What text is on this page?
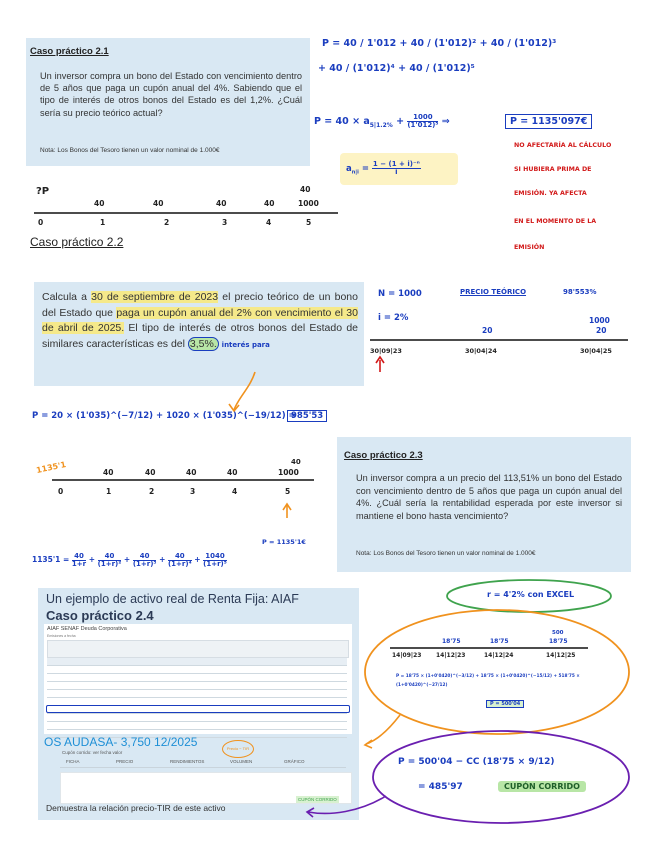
Caso práctico 2.1
Un inversor compra un bono del Estado con vencimiento dentro de 5 años que paga un cupón anual del 4%. Sabiendo que el tipo de interés de otros bonos del Estado es del 1,2%. ¿Cuál sería su precio teórico actual?
Nota: Los Bonos del Tesoro tienen un valor nominal de 1.000€
P = 40 / 1'012 + 40 / (1'012)² + 40 / (1'012)³
+ 40 / (1'012)⁴ + 40 / (1'012)⁵
$P = 40 \times a_{5|1.2\%} + \frac{1000}{\text{(1'012)⁵}}$ ⇒	P = 1135'097€
$a_{n|i} = \frac{\text{1 − (1 + i)⁻ⁿ}}{i}$
NO AFECTARÍA AL CÁLCULO
SI HUBIERA PRIMA DE
EMISIÓN. YA AFECTA
EN EL MOMENTO DE LA
EMISIÓN
?P	40
40	40	40	40	1000
0	1	2	3	4	5
Caso práctico 2.2
Calcula a 30 de septiembre de 2023 el precio teórico de un bono del Estado que paga un cupón anual del 2% con vencimiento el 30 de abril de 2025. El tipo de interés de otros bonos del Estado de similares características es del 3,5%. interés para
N = 1000	PRECIO TEÓRICO	98'553%
i = 2%
20
1000
20
30|09|23	30|04|24	30|04|25
P = 20 × (1'035)^(−7/12) + 1020 × (1'035)^(−19/12) =
985'53
Caso práctico 2.3
Un inversor compra a un precio del 113,51% un bono del Estado con vencimiento dentro de 5 años que paga un cupón anual del 4%. ¿Cuál sería la rentabilidad esperada por este inversor si mantiene el bono hasta vencimiento?
Nota: Los Bonos del Tesoro tienen un valor nominal de 1.000€
1135'1	40	40	40	40	1000
40
0	1	2	3	4	5
P = 1135'1€
$1135'1 = \frac{40}{1+r} + \frac{40}{\text{(1+r)²}} + \frac{40}{\text{(1+r)³}} + \frac{40}{\text{(1+r)⁴}} + \frac{1040}{\text{(1+r)⁵}}$
Un ejemplo de activo real de Renta Fija: AIAF
Caso práctico 2.4
AIAF SENAF Deuda Corporativa
Emisiones a fecha

OS AUDASA- 3,750 12/2025
Cupón corrido: ver fecha valor
FICHA	PRECIO	RENDIMIENTOS	VOLUMEN	GRÁFICO
Precio − TIR
CUPÓN CORRIDO
Demuestra la relación precio-TIR de este activo
r = 4'2% con EXCEL
18'75	18'75
500
18'75
14|09|23 14|12|23	14|12|24	14|12|25
P = 18'75 × (1+0'0420)^(−3/12) + 18'75 × (1+0'0420)^(−15/12) + 518'75 × (1+0'0420)^(−27/12)
P = 500'04
P = 500'04 − CC (18'75 × 9/12)
= 485'97	CUPÓN CORRIDO
